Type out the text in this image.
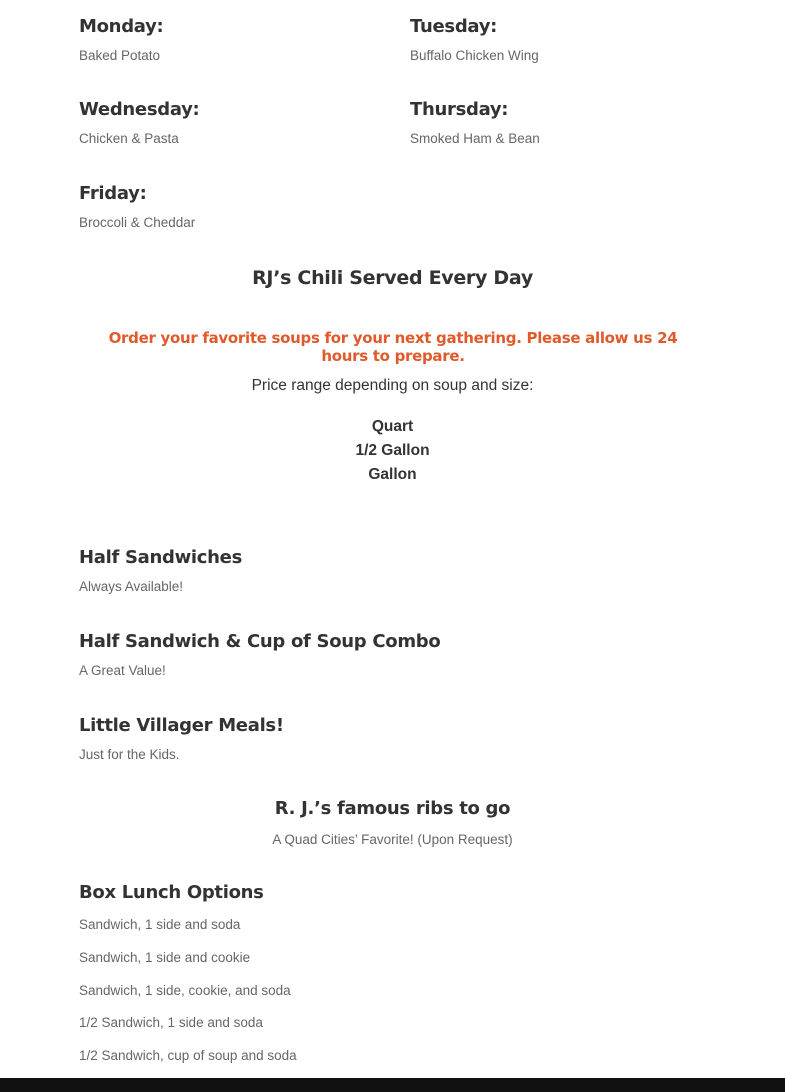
Monday:
Baked Potato
Tuesday:
Buffalo Chicken Wing
Wednesday:
Chicken & Pasta
Thursday:
Smoked Ham & Bean
Friday:
Broccoli & Cheddar
RJ’s Chili Served Every Day
Order your favorite soups for your next gathering. Please allow us 24 hours to prepare.
Price range depending on soup and size:
Quart
1/2 Gallon
Gallon
Half Sandwiches
Always Available!
Half Sandwich & Cup of Soup Combo
A Great Value!
Little Villager Meals!
Just for the Kids.
R. J.’s famous ribs to go
A Quad Cities’ Favorite! (Upon Request)
Box Lunch Options
Sandwich, 1 side and soda
Sandwich, 1 side and cookie
Sandwich, 1 side, cookie, and soda
1/2 Sandwich, 1 side and soda
1/2 Sandwich, cup of soup and soda
